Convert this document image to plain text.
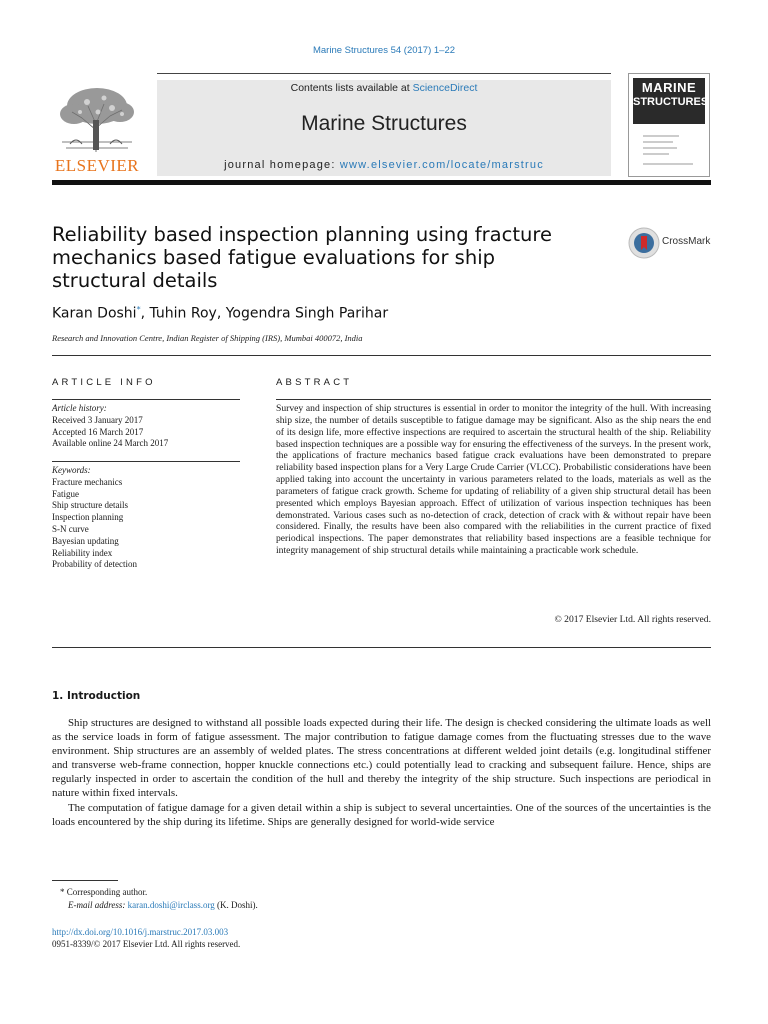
Marine Structures 54 (2017) 1–22
Contents lists available at ScienceDirect
Marine Structures
journal homepage: www.elsevier.com/locate/marstruc
ELSEVIER
MARINE
STRUCTURES
Reliability based inspection planning using fracture mechanics based fatigue evaluations for ship structural details
CrossMark
Karan Doshi*, Tuhin Roy, Yogendra Singh Parihar
Research and Innovation Centre, Indian Register of Shipping (IRS), Mumbai 400072, India
ARTICLE INFO
Article history:
Received 3 January 2017
Accepted 16 March 2017
Available online 24 March 2017
Keywords:
Fracture mechanics
Fatigue
Ship structure details
Inspection planning
S-N curve
Bayesian updating
Reliability index
Probability of detection
ABSTRACT
Survey and inspection of ship structures is essential in order to monitor the integrity of the hull. With increasing ship size, the number of details susceptible to fatigue damage may be significant. Also as the ship nears the end of its design life, more effective inspections are required to ascertain the structural health of the ship. Reliability based inspection techniques are a possible way for ensuring the effectiveness of the surveys. In the present work, the applications of fracture mechanics based fatigue crack evaluations have been demonstrated to prepare reliability based inspection plans for a Very Large Crude Carrier (VLCC). Probabilistic considerations have been applied taking into account the uncertainty in various parameters related to the loads, materials as well as the parameters of fatigue crack growth. Scheme for updating of reliability of a given ship structural detail has been presented which employs Bayesian approach. Effect of utilization of various inspection techniques has been demonstrated. Various cases such as no-detection of crack, detection of crack with & without repair have been considered. Finally, the results have been also compared with the reliabilities in the current practice of fixed periodical inspections. The paper demonstrates that reliability based inspections are a feasible technique for integrity management of ship structural details while maintaining a practicable work schedule.
© 2017 Elsevier Ltd. All rights reserved.
1. Introduction

Ship structures are designed to withstand all possible loads expected during their life. The design is checked considering the ultimate loads as well as the service loads in form of fatigue assessment. The major contribution to fatigue damage comes from the fluctuating stresses due to the wave environment. Ship structures are an assembly of welded plates. The stress concentrations at different welded joint details (e.g. longitudinal stiffener and transverse web-frame connection, hopper knuckle connections etc.) could potentially lead to cracking and subsequent failure. Hence, ships are regularly inspected in order to ascertain the condition of the hull and thereby the integrity of the ship structure. Such inspections are periodical in nature within fixed intervals.

The computation of fatigue damage for a given detail within a ship is subject to several uncertainties. One of the sources of the uncertainties is the loads encountered by the ship during its lifetime. Ships are generally designed for world-wide service

* Corresponding author.
E-mail address: karan.doshi@irclass.org (K. Doshi).
http://dx.doi.org/10.1016/j.marstruc.2017.03.003
0951-8339/© 2017 Elsevier Ltd. All rights reserved.
